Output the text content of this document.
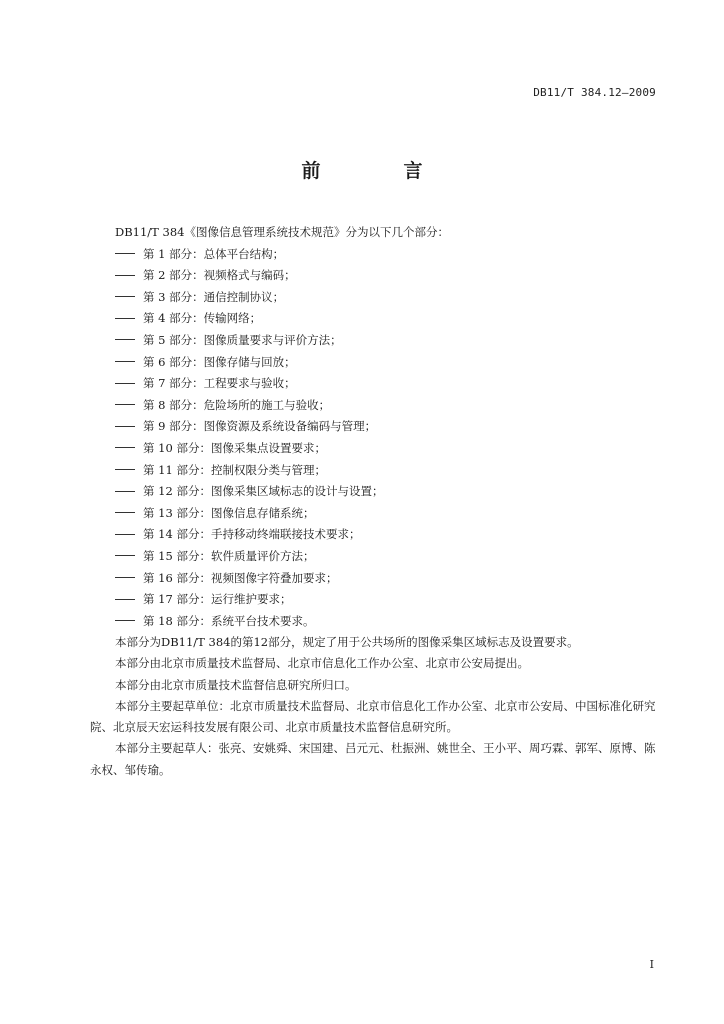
DB11/T 384.12—2009
前　言

DB11/T 384《图像信息管理系统技术规范》分为以下几个部分：

第 1 部分：总体平台结构；
第 2 部分：视频格式与编码；
第 3 部分：通信控制协议；
第 4 部分：传输网络；
第 5 部分：图像质量要求与评价方法；
第 6 部分：图像存储与回放；
第 7 部分：工程要求与验收；
第 8 部分：危险场所的施工与验收；
第 9 部分：图像资源及系统设备编码与管理；
第 10 部分：图像采集点设置要求；
第 11 部分：控制权限分类与管理；
第 12 部分：图像采集区域标志的设计与设置；
第 13 部分：图像信息存储系统；
第 14 部分：手持移动终端联接技术要求；
第 15 部分：软件质量评价方法；
第 16 部分：视频图像字符叠加要求；
第 17 部分：运行维护要求；
第 18 部分：系统平台技术要求。

本部分为DB11/T 384的第12部分，规定了用于公共场所的图像采集区域标志及设置要求。

本部分由北京市质量技术监督局、北京市信息化工作办公室、北京市公安局提出。

本部分由北京市质量技术监督信息研究所归口。

本部分主要起草单位：北京市质量技术监督局、北京市信息化工作办公室、北京市公安局、中国标准化研究院、北京辰天宏运科技发展有限公司、北京市质量技术监督信息研究所。

本部分主要起草人：张亮、安姚舜、宋国建、吕元元、杜振洲、姚世全、王小平、周巧霖、郭军、原博、陈永权、邹传瑜。

I
